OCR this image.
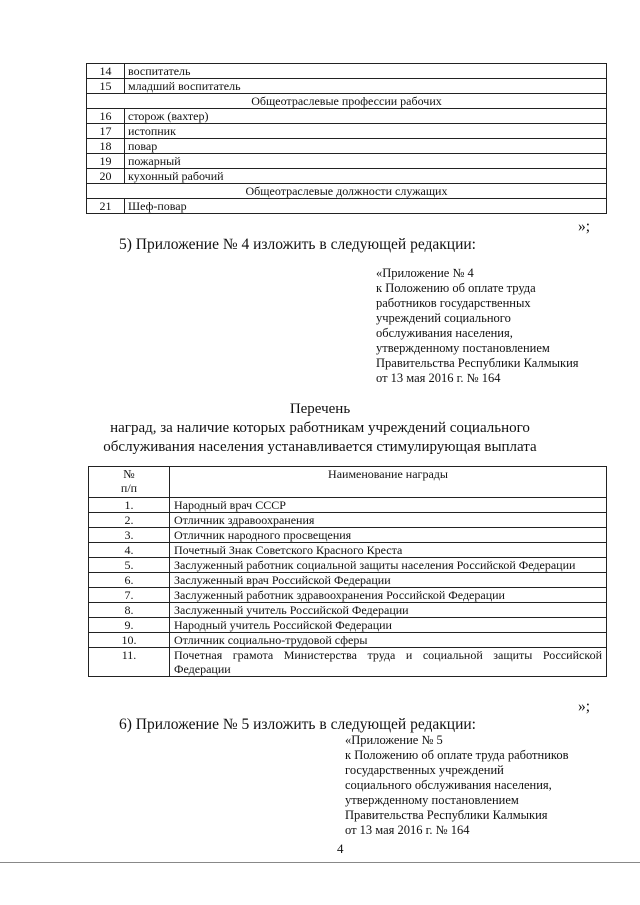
14	воспитатель
15	младший воспитатель
Общеотраслевые профессии рабочих	
16	сторож (вахтер)
17	истопник
18	повар
19	пожарный
20	кухонный рабочий
Общеотраслевые должности служащих	
21	Шеф-повар
»;
5) Приложение № 4 изложить в следующей редакции:
«Приложение № 4
к Положению об оплате труда
работников государственных
учреждений социального
обслуживания населения,
утвержденному постановлением
Правительства Республики Калмыкия
от 13 мая 2016 г. № 164
Перечень
наград, за наличие которых работникам учреждений социального
обслуживания населения устанавливается стимулирующая выплата
№
п/п	Наименование награды
1.	Народный врач СССР
2.	Отличник здравоохранения
3.	Отличник народного просвещения
4.	Почетный Знак Советского Красного Креста
5.	Заслуженный работник социальной защиты населения Российской Федерации
6.	Заслуженный врач Российской Федерации
7.	Заслуженный работник здравоохранения Российской Федерации
8.	Заслуженный учитель Российской Федерации
9.	Народный учитель Российской Федерации
10.	Отличник социально-трудовой сферы
11.	Почетная грамота Министерства труда и социальной защиты Российской Федерации
»;
6) Приложение № 5 изложить в следующей редакции:
«Приложение № 5
к Положению об оплате труда работников
государственных учреждений
социального обслуживания населения,
утвержденному постановлением
Правительства Республики Калмыкия
от 13 мая 2016 г. № 164
4
